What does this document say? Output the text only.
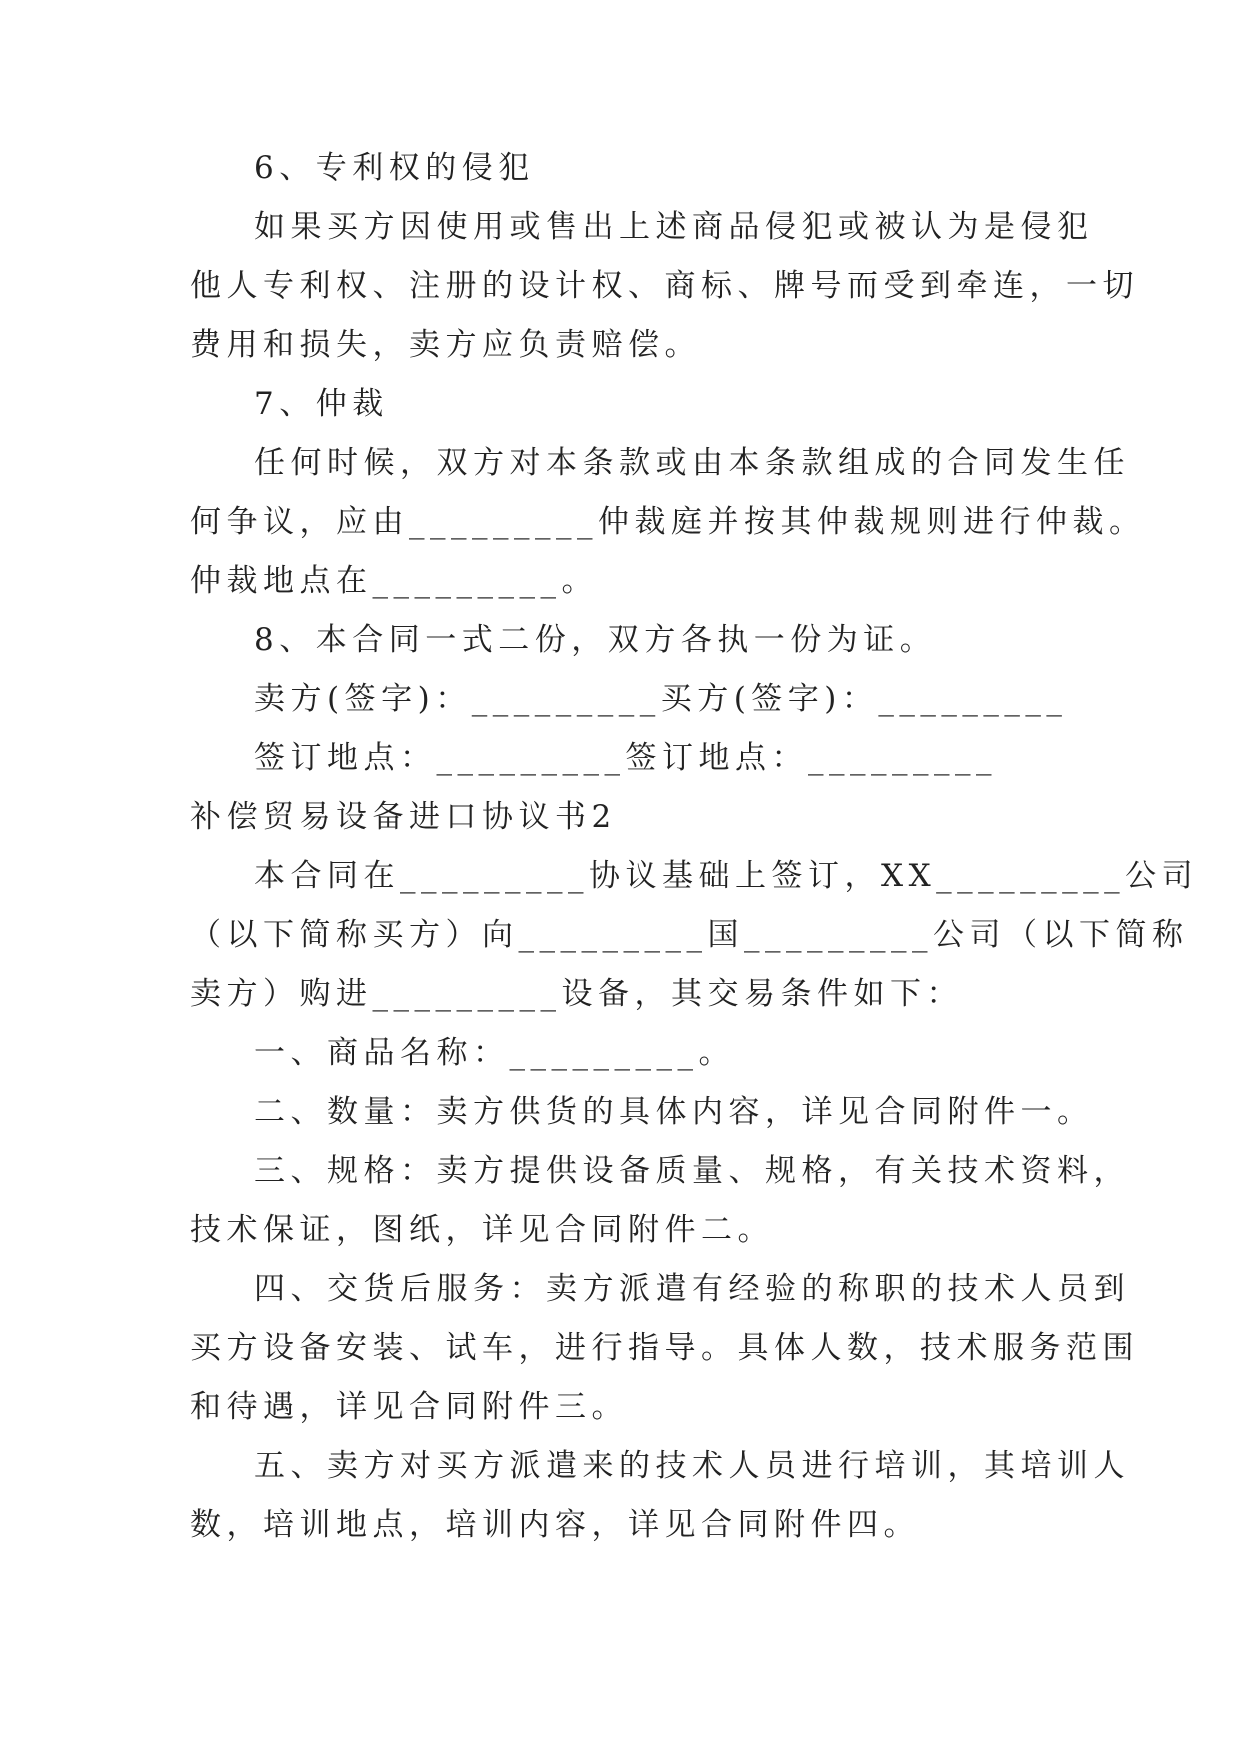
6、专利权的侵犯
如果买方因使用或售出上述商品侵犯或被认为是侵犯
他人专利权、注册的设计权、商标、牌号而受到牵连，一切
费用和损失，卖方应负责赔偿。
7、仲裁
任何时候，双方对本条款或由本条款组成的合同发生任
何争议，应由_________仲裁庭并按其仲裁规则进行仲裁。
仲裁地点在_________。
8、本合同一式二份，双方各执一份为证。
卖方(签字)：_________买方(签字)：_________
签订地点：_________签订地点：_________
补偿贸易设备进口协议书2
本合同在_________协议基础上签订，XX_________公司
（以下简称买方）向_________国_________公司（以下简称
卖方）购进_________设备，其交易条件如下：
一、商品名称：_________。
二、数量：卖方供货的具体内容，详见合同附件一。
三、规格：卖方提供设备质量、规格，有关技术资料，
技术保证，图纸，详见合同附件二。
四、交货后服务：卖方派遣有经验的称职的技术人员到
买方设备安装、试车，进行指导。具体人数，技术服务范围
和待遇，详见合同附件三。
五、卖方对买方派遣来的技术人员进行培训，其培训人
数，培训地点，培训内容，详见合同附件四。
